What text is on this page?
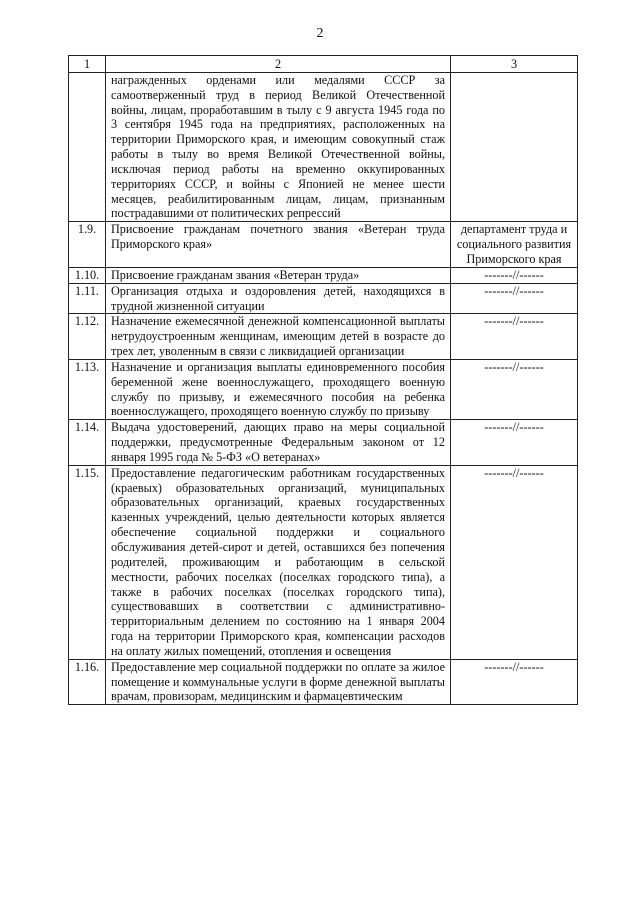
2
1	2	3
	награжденных орденами или медалями СССР за самоотверженный труд в период Великой Отечественной войны, лицам, проработавшим в тылу с 9 августа 1945 года по 3 сентября 1945 года на предприятиях, расположенных на территории Приморского края, и имеющим совокупный стаж работы в тылу во время Великой Отечественной войны, исключая период работы на временно оккупированных территориях СССР, и войны с Японией не менее шести месяцев, реабилитированным лицам, лицам, признанным пострадавшими от политических репрессий	
1.9.	Присвоение гражданам почетного звания «Ветеран труда Приморского края»	департамент труда и социального развития Приморского края
1.10.	Присвоение гражданам звания «Ветеран труда»	-------//------
1.11.	Организация отдыха и оздоровления детей, находящихся в трудной жизненной ситуации	-------//------
1.12.	Назначение ежемесячной денежной компенсационной выплаты нетрудоустроенным женщинам, имеющим детей в возрасте до трех лет, уволенным в связи с ликвидацией организации	-------//------
1.13.	Назначение и организация выплаты единовременного пособия беременной жене военнослужащего, проходящего военную службу по призыву, и ежемесячного пособия на ребенка военнослужащего, проходящего военную службу по призыву	-------//------
1.14.	Выдача удостоверений, дающих право на меры социальной поддержки, предусмотренные Федеральным законом от 12 января 1995 года № 5-ФЗ «О ветеранах»	-------//------
1.15.	Предоставление педагогическим работникам государственных (краевых) образовательных организаций, муниципальных образовательных организаций, краевых государственных казенных учреждений, целью деятельности которых является обеспечение социальной поддержки и социального обслуживания детей-сирот и детей, оставшихся без попечения родителей, проживающим и работающим в сельской местности, рабочих поселках (поселках городского типа), а также в рабочих поселках (поселках городского типа), существовавших в соответствии с административно-территориальным делением по состоянию на 1 января 2004 года на территории Приморского края, компенсации расходов на оплату жилых помещений, отопления и освещения	-------//------
1.16.	Предоставление мер социальной поддержки по оплате за жилое помещение и коммунальные услуги в форме денежной выплаты врачам, провизорам, медицинским и фармацевтическим	-------//------
